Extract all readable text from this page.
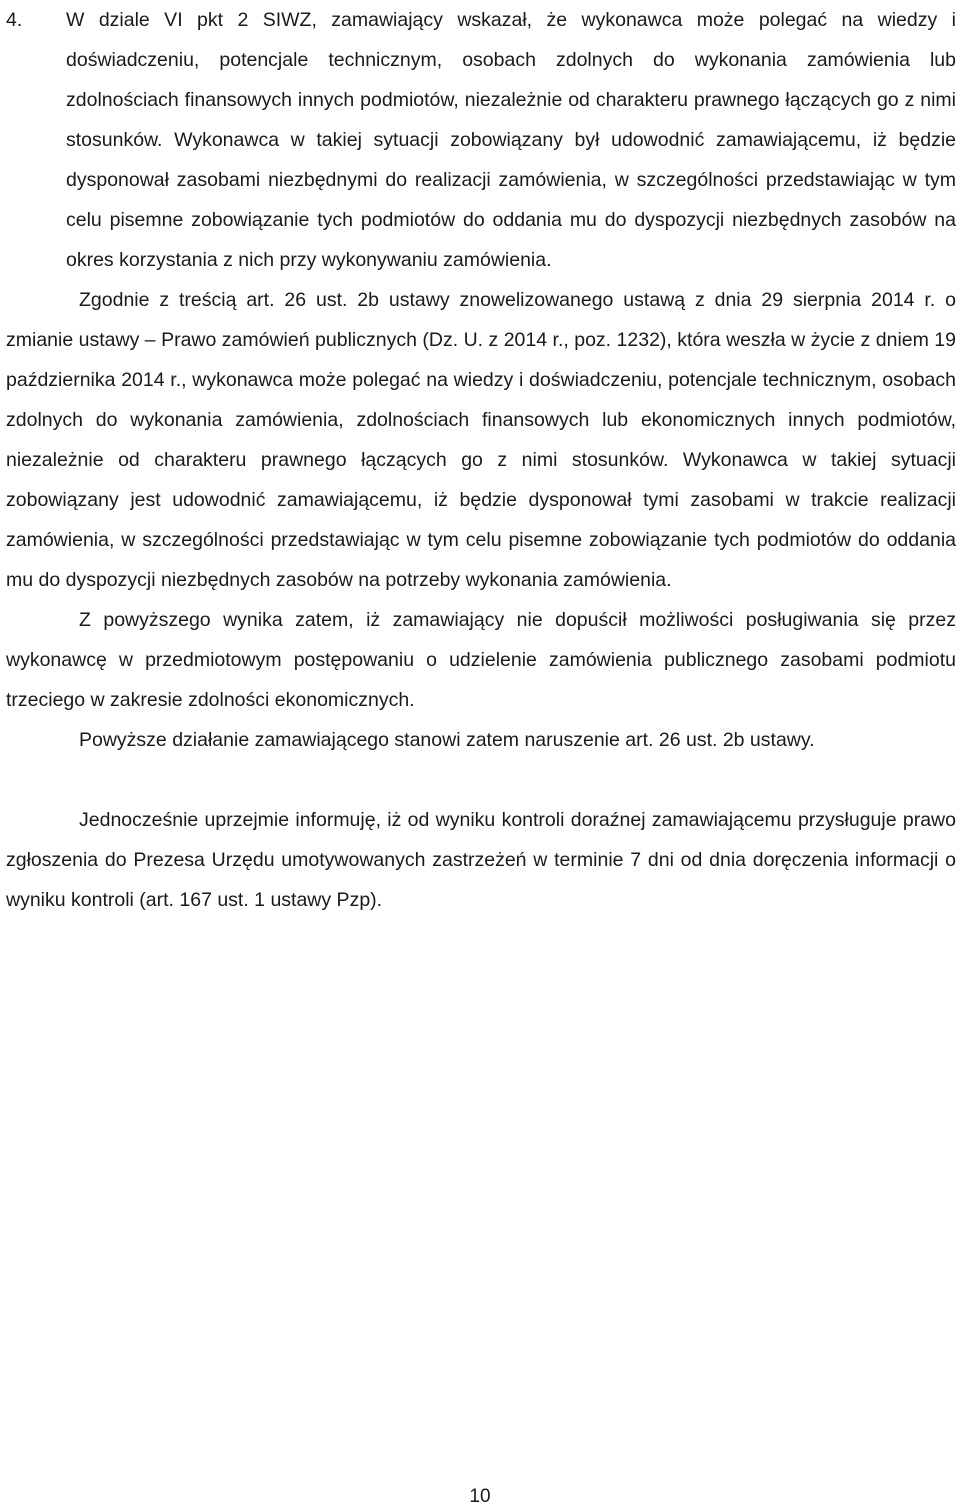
4.	W dziale VI pkt 2 SIWZ, zamawiający wskazał, że wykonawca może polegać na wiedzy i doświadczeniu, potencjale technicznym, osobach zdolnych do wykonania zamówienia lub zdolnościach finansowych innych podmiotów, niezależnie od charakteru prawnego łączących go z nimi stosunków. Wykonawca w takiej sytuacji zobowiązany był udowodnić zamawiającemu, iż będzie dysponował zasobami niezbędnymi do realizacji zamówienia, w szczególności przedstawiając w tym celu pisemne zobowiązanie tych podmiotów do oddania mu do dyspozycji niezbędnych zasobów na okres korzystania z nich przy wykonywaniu zamówienia.

Zgodnie z treścią art. 26 ust. 2b ustawy znowelizowanego ustawą z dnia 29 sierpnia 2014 r. o zmianie ustawy – Prawo zamówień publicznych (Dz. U. z 2014 r., poz. 1232), która weszła w życie z dniem 19 października 2014 r., wykonawca może polegać na wiedzy i doświadczeniu, potencjale technicznym, osobach zdolnych do wykonania zamówienia, zdolnościach finansowych lub ekonomicznych innych podmiotów, niezależnie od charakteru prawnego łączących go z nimi stosunków. Wykonawca w takiej sytuacji zobowiązany jest udowodnić zamawiającemu, iż będzie dysponował tymi zasobami w trakcie realizacji zamówienia, w szczególności przedstawiając w tym celu pisemne zobowiązanie tych podmiotów do oddania mu do dyspozycji niezbędnych zasobów na potrzeby wykonania zamówienia.

Z powyższego wynika zatem, iż zamawiający nie dopuścił możliwości posługiwania się przez wykonawcę w przedmiotowym postępowaniu o udzielenie zamówienia publicznego zasobami podmiotu trzeciego w zakresie zdolności ekonomicznych.

Powyższe działanie zamawiającego stanowi zatem naruszenie art. 26 ust. 2b ustawy.

Jednocześnie uprzejmie informuję, iż od wyniku kontroli doraźnej zamawiającemu przysługuje prawo zgłoszenia do Prezesa Urzędu umotywowanych zastrzeżeń w terminie 7 dni od dnia doręczenia informacji o wyniku kontroli (art. 167 ust. 1 ustawy Pzp).

10
